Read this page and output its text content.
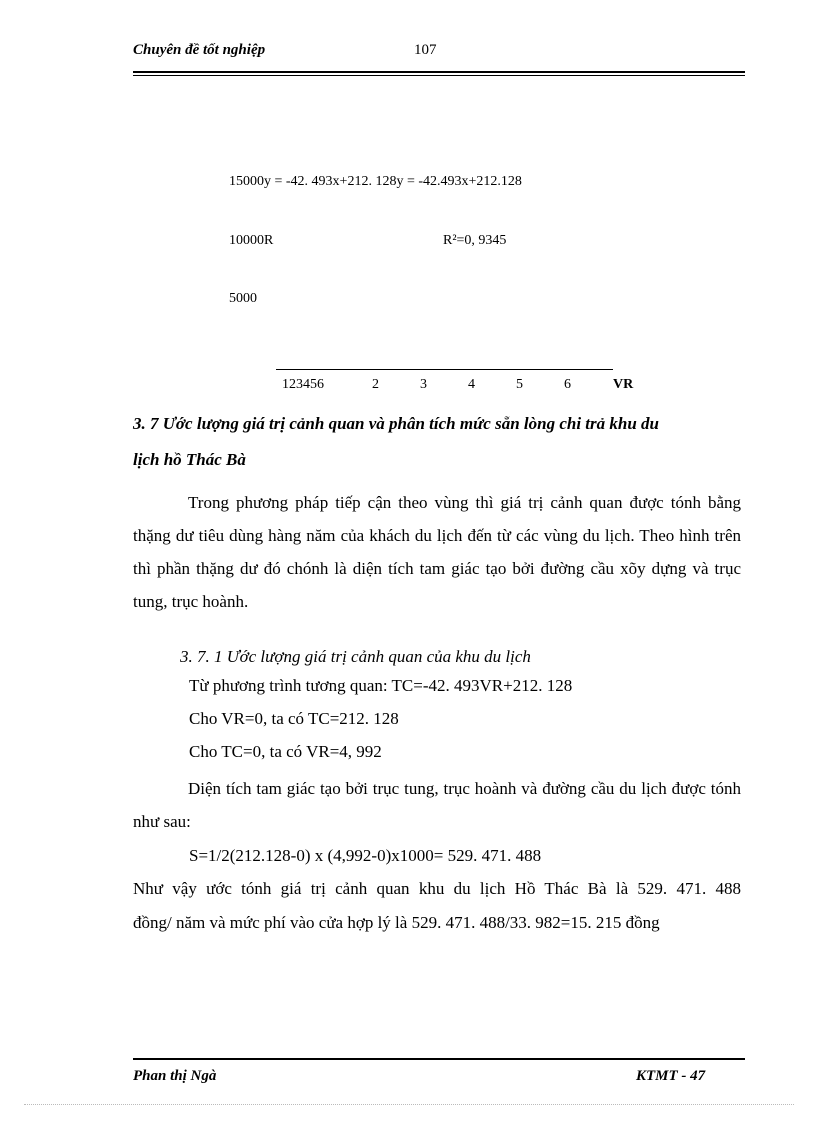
Chuyên đề tốt nghiệp	107
15000y = -42. 493x+212. 128y = -42.493x+212.128
10000R	R²=0, 9345
5000
123456	2	3	4	5	6	VR
3. 7 Ước lượng giá trị cảnh quan và phân tích mức sẵn lòng chi trả khu du
lịch hồ Thác Bà

Trong phương pháp tiếp cận theo vùng thì giá trị cảnh quan được tónh bằng thặng dư tiêu dùng hàng năm của khách du lịch đến từ các vùng du lịch. Theo hình trên thì phần thặng dư đó chónh là diện tích tam giác tạo bởi đường cầu xõy dựng và trục tung, trục hoành.

3. 7. 1 Ước lượng giá trị cảnh quan của khu du lịch
Từ phương trình tương quan: TC=-42. 493VR+212. 128
Cho VR=0, ta có TC=212. 128
Cho TC=0, ta có VR=4, 992

Diện tích tam giác tạo bởi trục tung, trục hoành và đường cầu du lịch được tónh như sau:

S=1/2(212.128-0) x (4,992-0)x1000= 529. 471. 488
Như vậy ước tónh giá trị cảnh quan khu du lịch Hồ Thác Bà là 529. 471. 488
đồng/ năm và mức phí vào cửa hợp lý là 529. 471. 488/33. 982=15. 215 đồng
Phan thị Ngà	KTMT - 47
